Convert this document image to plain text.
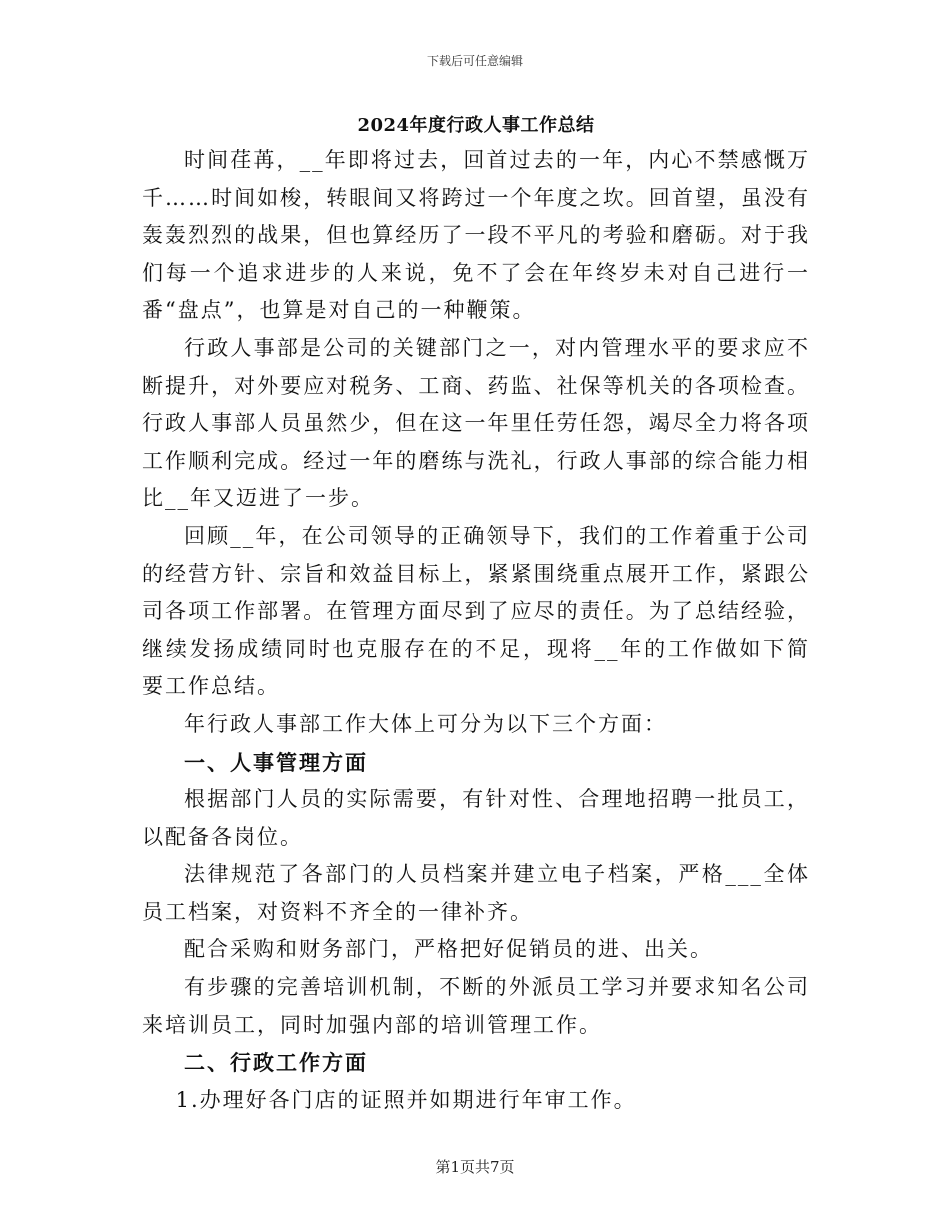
下载后可任意编辑

2024年度行政人事工作总结

时间荏苒，__年即将过去，回首过去的一年，内心不禁感慨万千……时间如梭，转眼间又将跨过一个年度之坎。回首望，虽没有轰轰烈烈的战果，但也算经历了一段不平凡的考验和磨砺。对于我们每一个追求进步的人来说，免不了会在年终岁未对自己进行一番“盘点”，也算是对自己的一种鞭策。

行政人事部是公司的关键部门之一，对内管理水平的要求应不断提升，对外要应对税务、工商、药监、社保等机关的各项检查。行政人事部人员虽然少，但在这一年里任劳任怨，竭尽全力将各项工作顺利完成。经过一年的磨练与洗礼，行政人事部的综合能力相比__年又迈进了一步。

回顾__年，在公司领导的正确领导下，我们的工作着重于公司的经营方针、宗旨和效益目标上，紧紧围绕重点展开工作，紧跟公司各项工作部署。在管理方面尽到了应尽的责任。为了总结经验，继续发扬成绩同时也克服存在的不足，现将__年的工作做如下简要工作总结。

年行政人事部工作大体上可分为以下三个方面：

一、人事管理方面

根据部门人员的实际需要，有针对性、合理地招聘一批员工，以配备各岗位。

法律规范了各部门的人员档案并建立电子档案，严格___全体员工档案，对资料不齐全的一律补齐。

配合采购和财务部门，严格把好促销员的进、出关。

有步骤的完善培训机制，不断的外派员工学习并要求知名公司来培训员工，同时加强内部的培训管理工作。

二、行政工作方面

1.办理好各门店的证照并如期进行年审工作。

第1页共7页
